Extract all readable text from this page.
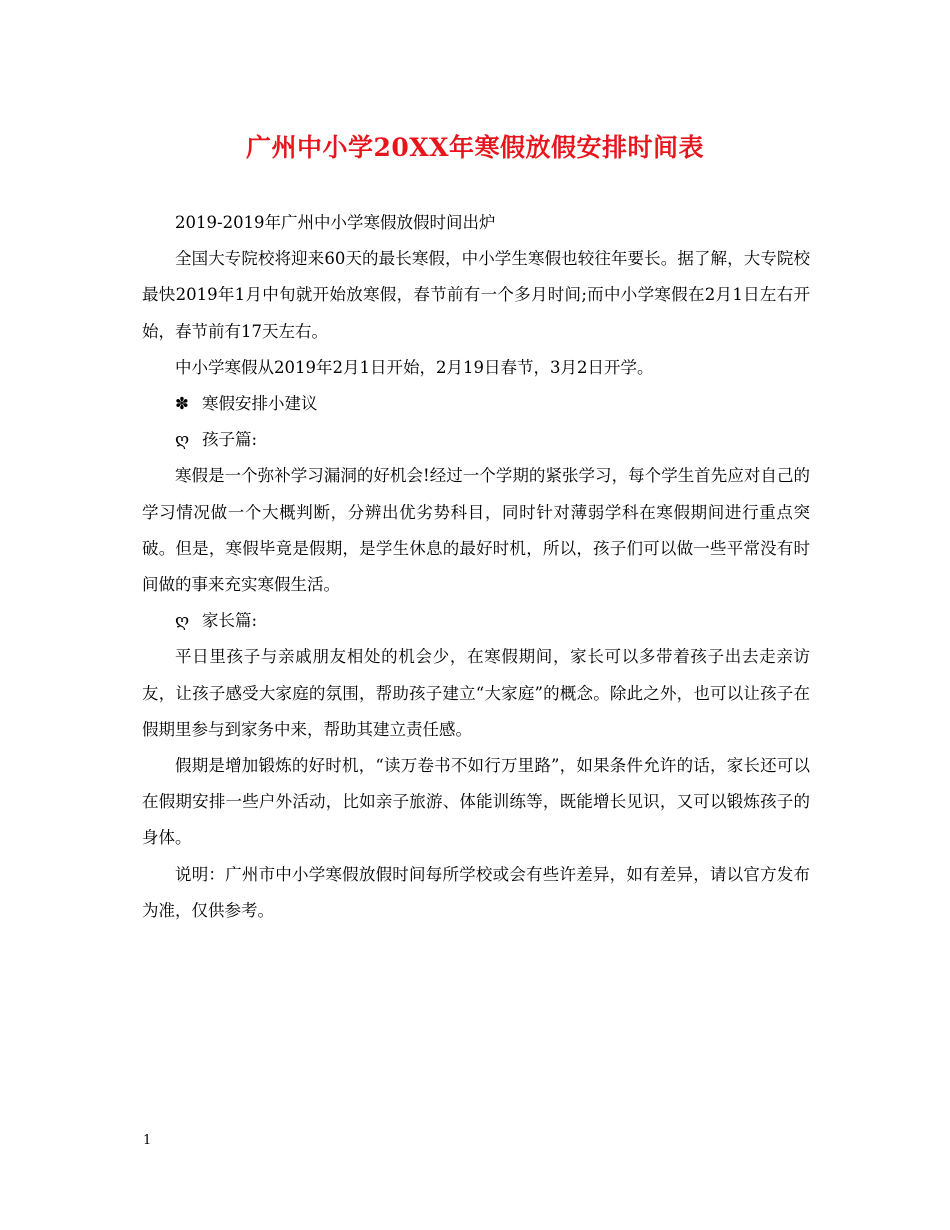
广州中小学20XX年寒假放假安排时间表

2019-2019年广州中小学寒假放假时间出炉

全国大专院校将迎来60天的最长寒假，中小学生寒假也较往年要长。据了解，大专院校最快2019年1月中旬就开始放寒假，春节前有一个多月时间;而中小学寒假在2月1日左右开始，春节前有17天左右。

中小学寒假从2019年2月1日开始，2月19日春节，3月2日开学。

✽ 寒假安排小建议

ღ 孩子篇:

寒假是一个弥补学习漏洞的好机会!经过一个学期的紧张学习，每个学生首先应对自己的学习情况做一个大概判断，分辨出优劣势科目，同时针对薄弱学科在寒假期间进行重点突破。但是，寒假毕竟是假期，是学生休息的最好时机，所以，孩子们可以做一些平常没有时间做的事来充实寒假生活。

ღ 家长篇:

平日里孩子与亲戚朋友相处的机会少，在寒假期间，家长可以多带着孩子出去走亲访友，让孩子感受大家庭的氛围，帮助孩子建立“大家庭”的概念。除此之外，也可以让孩子在假期里参与到家务中来，帮助其建立责任感。

假期是增加锻炼的好时机，“读万卷书不如行万里路”，如果条件允许的话，家长还可以在假期安排一些户外活动，比如亲子旅游、体能训练等，既能增长见识，又可以锻炼孩子的身体。

说明：广州市中小学寒假放假时间每所学校或会有些许差异，如有差异，请以官方发布为准，仅供参考。

1
